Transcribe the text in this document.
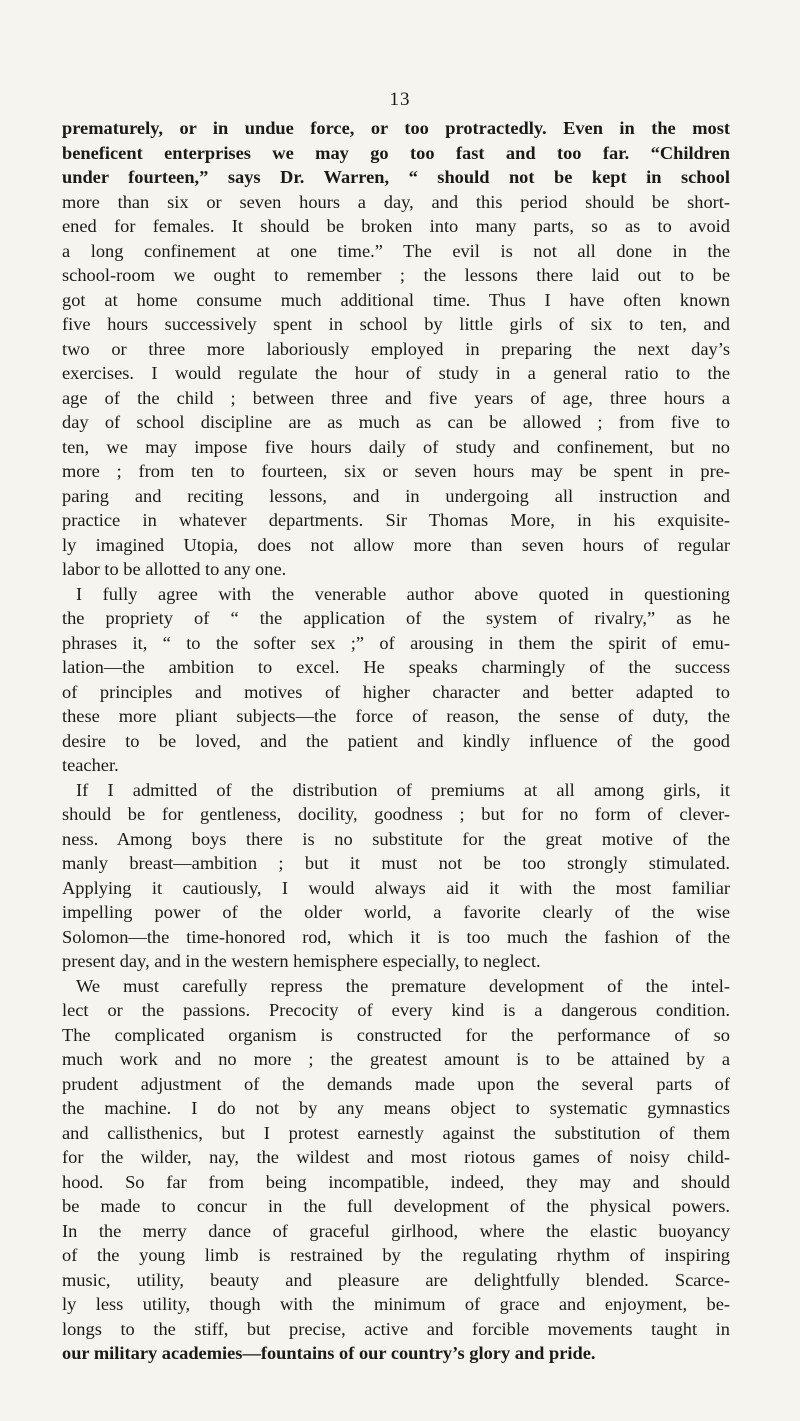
13
prematurely, or in undue force, or too protractedly. Even in the most
beneficent enterprises we may go too fast and too far. “Children
under fourteen,” says Dr. Warren, “ should not be kept in school
more than six or seven hours a day, and this period should be short-
ened for females. It should be broken into many parts, so as to avoid
a long confinement at one time.” The evil is not all done in the
school-room we ought to remember ; the lessons there laid out to be
got at home consume much additional time. Thus I have often known
five hours successively spent in school by little girls of six to ten, and
two or three more laboriously employed in preparing the next day’s
exercises. I would regulate the hour of study in a general ratio to the
age of the child ; between three and five years of age, three hours a
day of school discipline are as much as can be allowed ; from five to
ten, we may impose five hours daily of study and confinement, but no
more ; from ten to fourteen, six or seven hours may be spent in pre-
paring and reciting lessons, and in undergoing all instruction and
practice in whatever departments. Sir Thomas More, in his exquisite-
ly imagined Utopia, does not allow more than seven hours of regular
labor to be allotted to any one.
I fully agree with the venerable author above quoted in questioning
the propriety of “ the application of the system of rivalry,” as he
phrases it, “ to the softer sex ;” of arousing in them the spirit of emu-
lation—the ambition to excel. He speaks charmingly of the success
of principles and motives of higher character and better adapted to
these more pliant subjects—the force of reason, the sense of duty, the
desire to be loved, and the patient and kindly influence of the good
teacher.
If I admitted of the distribution of premiums at all among girls, it
should be for gentleness, docility, goodness ; but for no form of clever-
ness. Among boys there is no substitute for the great motive of the
manly breast—ambition ; but it must not be too strongly stimulated.
Applying it cautiously, I would always aid it with the most familiar
impelling power of the older world, a favorite clearly of the wise
Solomon—the time-honored rod, which it is too much the fashion of the
present day, and in the western hemisphere especially, to neglect.
We must carefully repress the premature development of the intel-
lect or the passions. Precocity of every kind is a dangerous condition.
The complicated organism is constructed for the performance of so
much work and no more ; the greatest amount is to be attained by a
prudent adjustment of the demands made upon the several parts of
the machine. I do not by any means object to systematic gymnastics
and callisthenics, but I protest earnestly against the substitution of them
for the wilder, nay, the wildest and most riotous games of noisy child-
hood. So far from being incompatible, indeed, they may and should
be made to concur in the full development of the physical powers.
In the merry dance of graceful girlhood, where the elastic buoyancy
of the young limb is restrained by the regulating rhythm of inspiring
music, utility, beauty and pleasure are delightfully blended. Scarce-
ly less utility, though with the minimum of grace and enjoyment, be-
longs to the stiff, but precise, active and forcible movements taught in
our military academies—fountains of our country’s glory and pride.
